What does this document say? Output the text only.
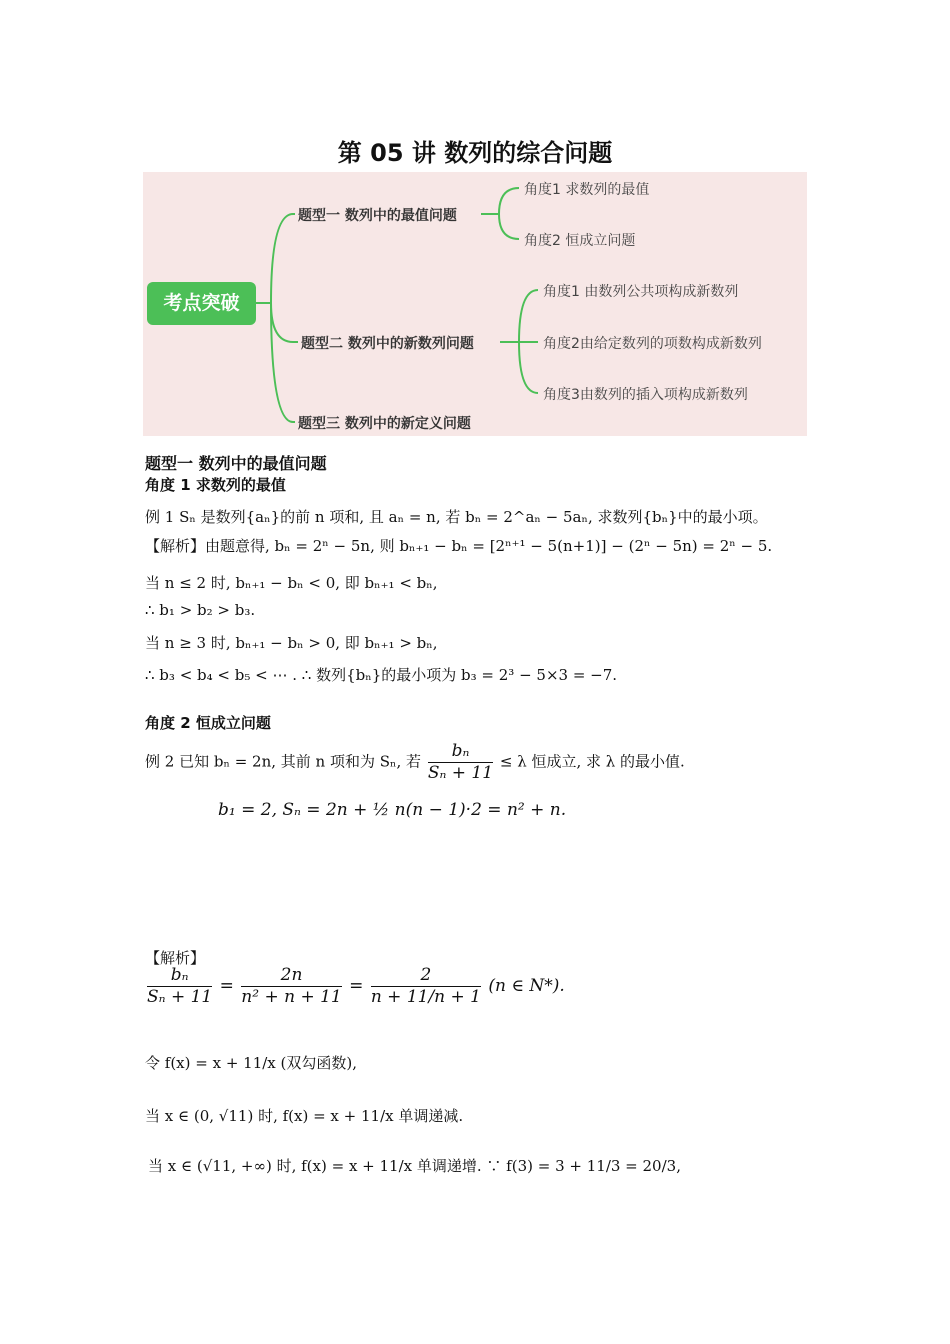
第 05 讲 数列的综合问题
考点突破
题型一 数列中的最值问题
题型二 数列中的新数列问题
题型三 数列中的新定义问题
角度1 求数列的最值
角度2 恒成立问题
角度1 由数列公共项构成新数列
角度2由给定数列的项数构成新数列
角度3由数列的插入项构成新数列
题型一 数列中的最值问题
角度 1 求数列的最值
例 1 Sₙ 是数列{aₙ}的前 n 项和, 且 aₙ = n, 若 bₙ = 2^aₙ − 5aₙ, 求数列{bₙ}中的最小项。
【解析】由题意得, bₙ = 2ⁿ − 5n, 则 bₙ₊₁ − bₙ = [2ⁿ⁺¹ − 5(n+1)] − (2ⁿ − 5n) = 2ⁿ − 5.
当 n ≤ 2 时, bₙ₊₁ − bₙ < 0, 即 bₙ₊₁ < bₙ,
∴ b₁ > b₂ > b₃.
当 n ≥ 3 时, bₙ₊₁ − bₙ > 0, 即 bₙ₊₁ > bₙ,
∴ b₃ < b₄ < b₅ < ⋯ . ∴ 数列{bₙ}的最小项为 b₃ = 2³ − 5×3 = −7.
角度 2 恒成立问题
例 2 已知 bₙ = 2n, 其前 n 项和为 Sₙ, 若 $\frac{\text{bₙ}}{\text{Sₙ + 11}} \le \lambda$ 恒成立, 求 λ 的最小值.
b₁ = 2, Sₙ = 2n + ½ n(n − 1)·2 = n² + n.
【解析】
$\frac{\text{bₙ}}{\text{Sₙ + 11}} = \frac{2n}{\text{n² + n + 11}} = \frac{2}{n + 11/n + 1} (n$ ∈ N*).
令 f(x) = x + 11/x (双勾函数),
当 x ∈ (0, √11) 时, f(x) = x + 11/x 单调递减.
当 x ∈ (√11, +∞) 时, f(x) = x + 11/x 单调递增. ∵ f(3) = 3 + 11/3 = 20/3,
